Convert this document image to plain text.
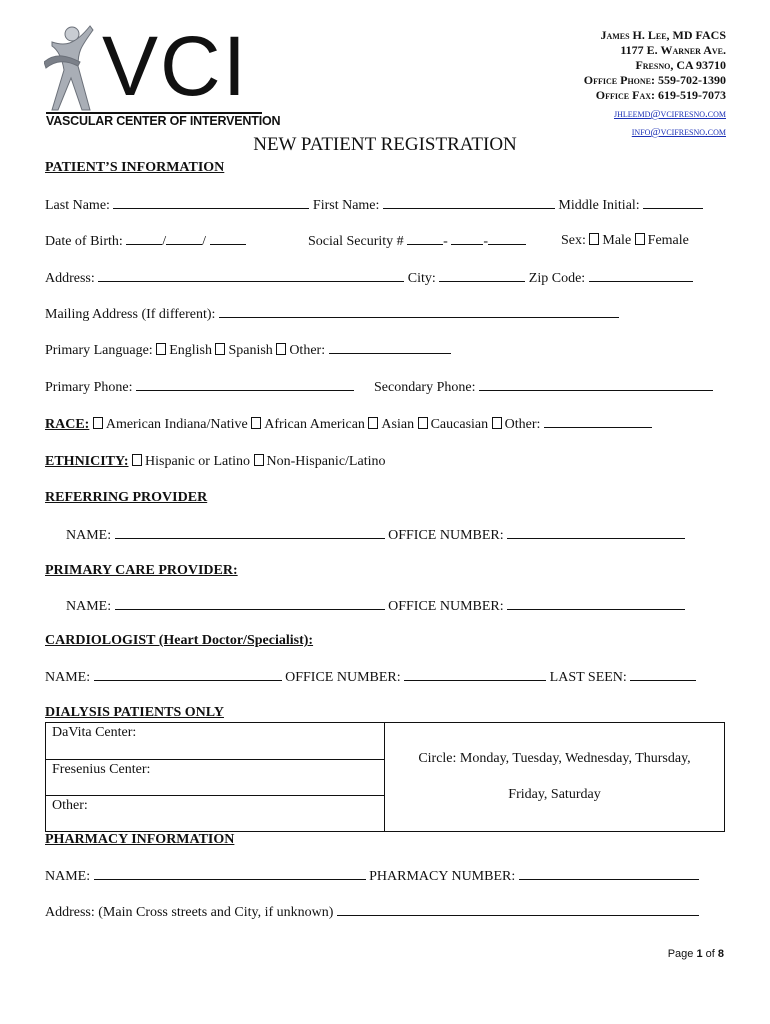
VCI
VASCULAR CENTER OF INTERVENTION
James H. Lee, MD FACS
1177 E. Warner Ave.
Fresno, CA 93710
Office Phone: 559-702-1390
Office Fax: 619-519-7073
jhleemd@vcifresno.com
info@vcifresno.com
NEW PATIENT REGISTRATION
PATIENT’S INFORMATION
Last Name:	First Name:	Middle Initial:
Date of Birth:	/	/	Social Security #	- -	Sex: Male Female
Address:	City:	Zip Code:
Mailing Address (If different):
Primary Language: English Spanish Other:
Primary Phone:	Secondary Phone:
RACE: American Indiana/Native African American Asian Caucasian Other:
ETHNICITY: Hispanic or Latino Non-Hispanic/Latino
REFERRING PROVIDER
NAME:	OFFICE NUMBER:
PRIMARY CARE PROVIDER:
NAME:	OFFICE NUMBER:
CARDIOLOGIST (Heart Doctor/Specialist):
NAME:	OFFICE NUMBER:	LAST SEEN:
DIALYSIS PATIENTS ONLY
DaVita Center:	
Circle: Monday, Tuesday, Wednesday, Thursday,
Friday, Saturday

Fresenius Center:
Other:
PHARMACY INFORMATION
NAME:	PHARMACY NUMBER:
Address: (Main Cross streets and City, if unknown)
Page 1 of 8
